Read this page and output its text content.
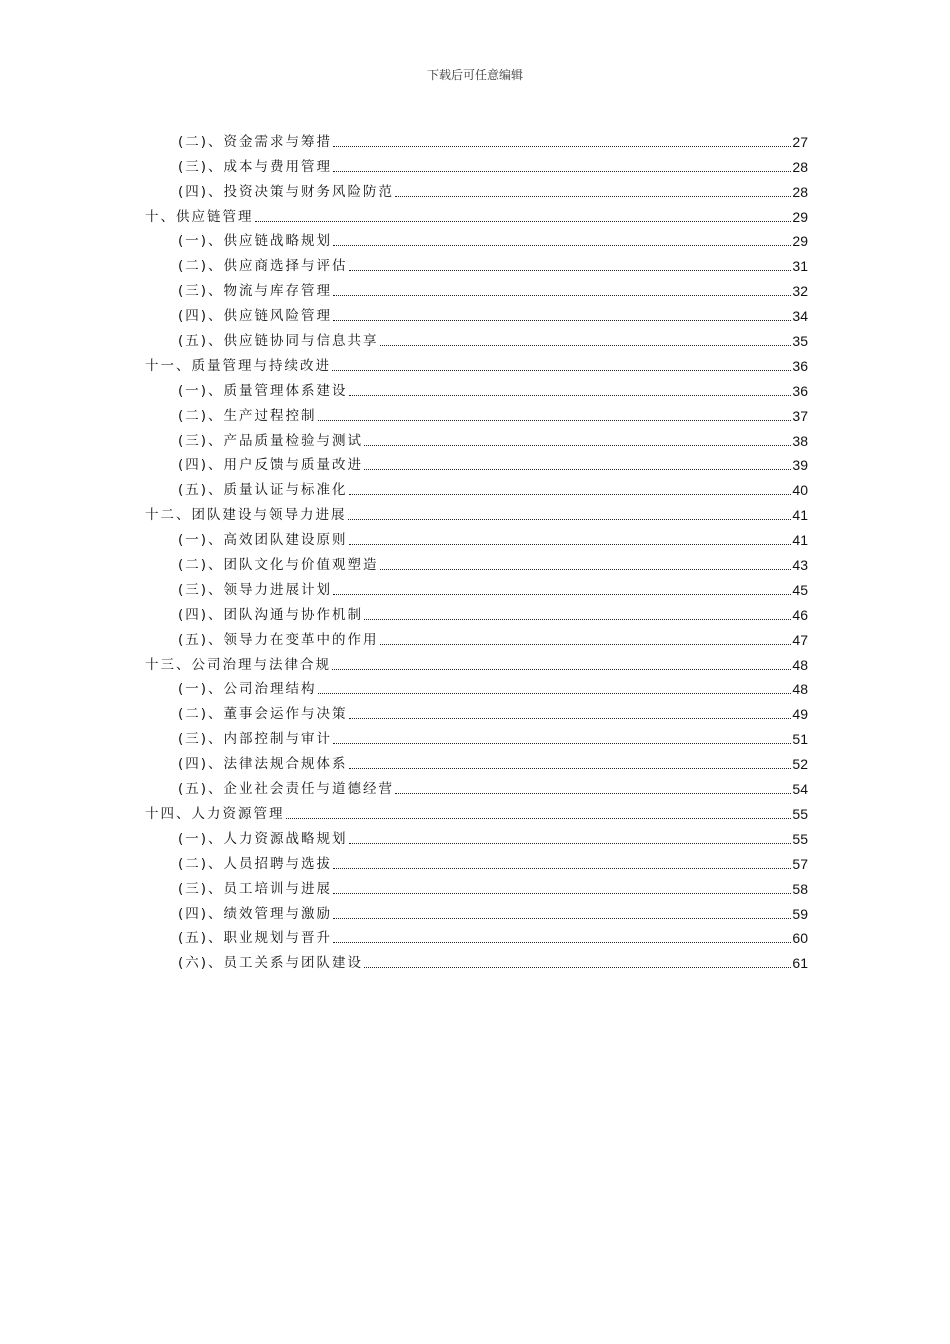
下载后可任意编辑
(二)、资金需求与筹措	27
(三)、成本与费用管理	28
(四)、投资决策与财务风险防范	28
十、供应链管理	29
(一)、供应链战略规划	29
(二)、供应商选择与评估	31
(三)、物流与库存管理	32
(四)、供应链风险管理	34
(五)、供应链协同与信息共享	35
十一、质量管理与持续改进	36
(一)、质量管理体系建设	36
(二)、生产过程控制	37
(三)、产品质量检验与测试	38
(四)、用户反馈与质量改进	39
(五)、质量认证与标准化	40
十二、团队建设与领导力进展	41
(一)、高效团队建设原则	41
(二)、团队文化与价值观塑造	43
(三)、领导力进展计划	45
(四)、团队沟通与协作机制	46
(五)、领导力在变革中的作用	47
十三、公司治理与法律合规	48
(一)、公司治理结构	48
(二)、董事会运作与决策	49
(三)、内部控制与审计	51
(四)、法律法规合规体系	52
(五)、企业社会责任与道德经营	54
十四、人力资源管理	55
(一)、人力资源战略规划	55
(二)、人员招聘与选拔	57
(三)、员工培训与进展	58
(四)、绩效管理与激励	59
(五)、职业规划与晋升	60
(六)、员工关系与团队建设	61
